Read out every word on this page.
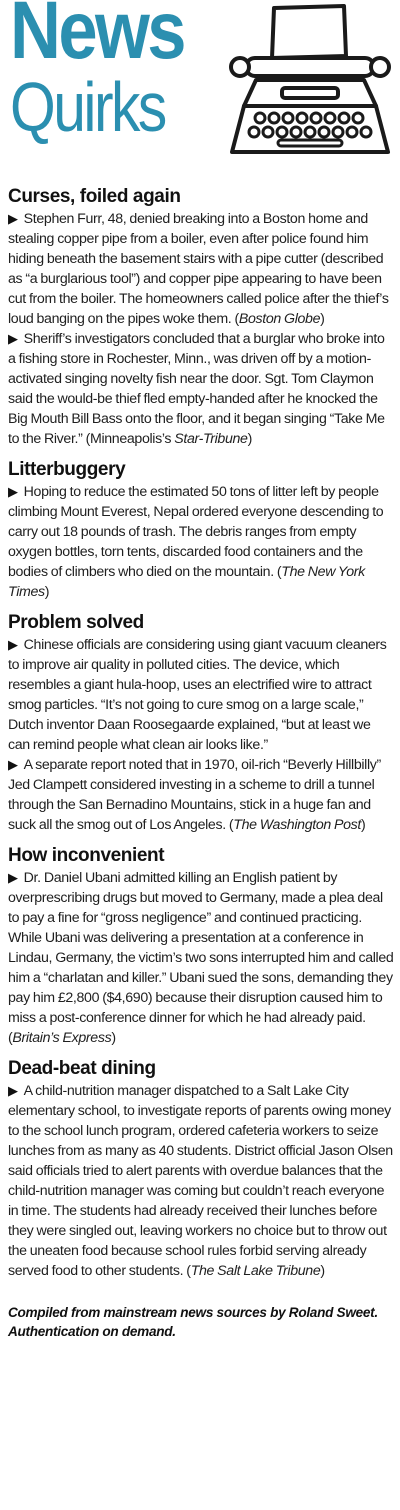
News
Quirks
Curses, foiled again

▶ Stephen Furr, 48, denied breaking into a Boston home and stealing copper pipe from a boiler, even after police found him hiding beneath the basement stairs with a pipe cutter (described as “a burglarious tool”) and copper pipe appearing to have been cut from the boiler. The homeowners called police after the thief’s loud banging on the pipes woke them. (Boston Globe)

▶ Sheriff’s investigators concluded that a burglar who broke into a fishing store in Rochester, Minn., was driven off by a motion-activated singing novelty fish near the door. Sgt. Tom Claymon said the would-be thief fled empty-handed after he knocked the Big Mouth Bill Bass onto the floor, and it began singing “Take Me to the River.” (Minneapolis’s Star-Tribune)

Litterbuggery

▶ Hoping to reduce the estimated 50 tons of litter left by people climbing Mount Everest, Nepal ordered everyone descending to carry out 18 pounds of trash. The debris ranges from empty oxygen bottles, torn tents, discarded food containers and the bodies of climbers who died on the mountain. (The New York Times)

Problem solved

▶ Chinese officials are considering using giant vacuum cleaners to improve air quality in polluted cities. The device, which resembles a giant hula-hoop, uses an electrified wire to attract smog particles. “It’s not going to cure smog on a large scale,” Dutch inventor Daan Roosegaarde explained, “but at least we can remind people what clean air looks like.”

▶ A separate report noted that in 1970, oil-rich “Beverly Hillbilly” Jed Clampett considered investing in a scheme to drill a tunnel through the San Bernadino Mountains, stick in a huge fan and suck all the smog out of Los Angeles. (The Washington Post)

How inconvenient

▶ Dr. Daniel Ubani admitted killing an English patient by overprescribing drugs but moved to Germany, made a plea deal to pay a fine for “gross negligence” and continued practicing. While Ubani was delivering a presentation at a conference in Lindau, Germany, the victim’s two sons interrupted him and called him a “charlatan and killer.” Ubani sued the sons, demanding they pay him £2,800 ($4,690) because their disruption caused him to miss a post-conference dinner for which he had already paid. (Britain’s Express)

Dead-beat dining

▶ A child-nutrition manager dispatched to a Salt Lake City elementary school, to investigate reports of parents owing money to the school lunch program, ordered cafeteria workers to seize lunches from as many as 40 students. District official Jason Olsen said officials tried to alert parents with overdue balances that the child-nutrition manager was coming but couldn’t reach everyone in time. The students had already received their lunches before they were singled out, leaving workers no choice but to throw out the uneaten food because school rules forbid serving already served food to other students. (The Salt Lake Tribune)

Compiled from mainstream news sources by Roland Sweet. Authentication on demand.
